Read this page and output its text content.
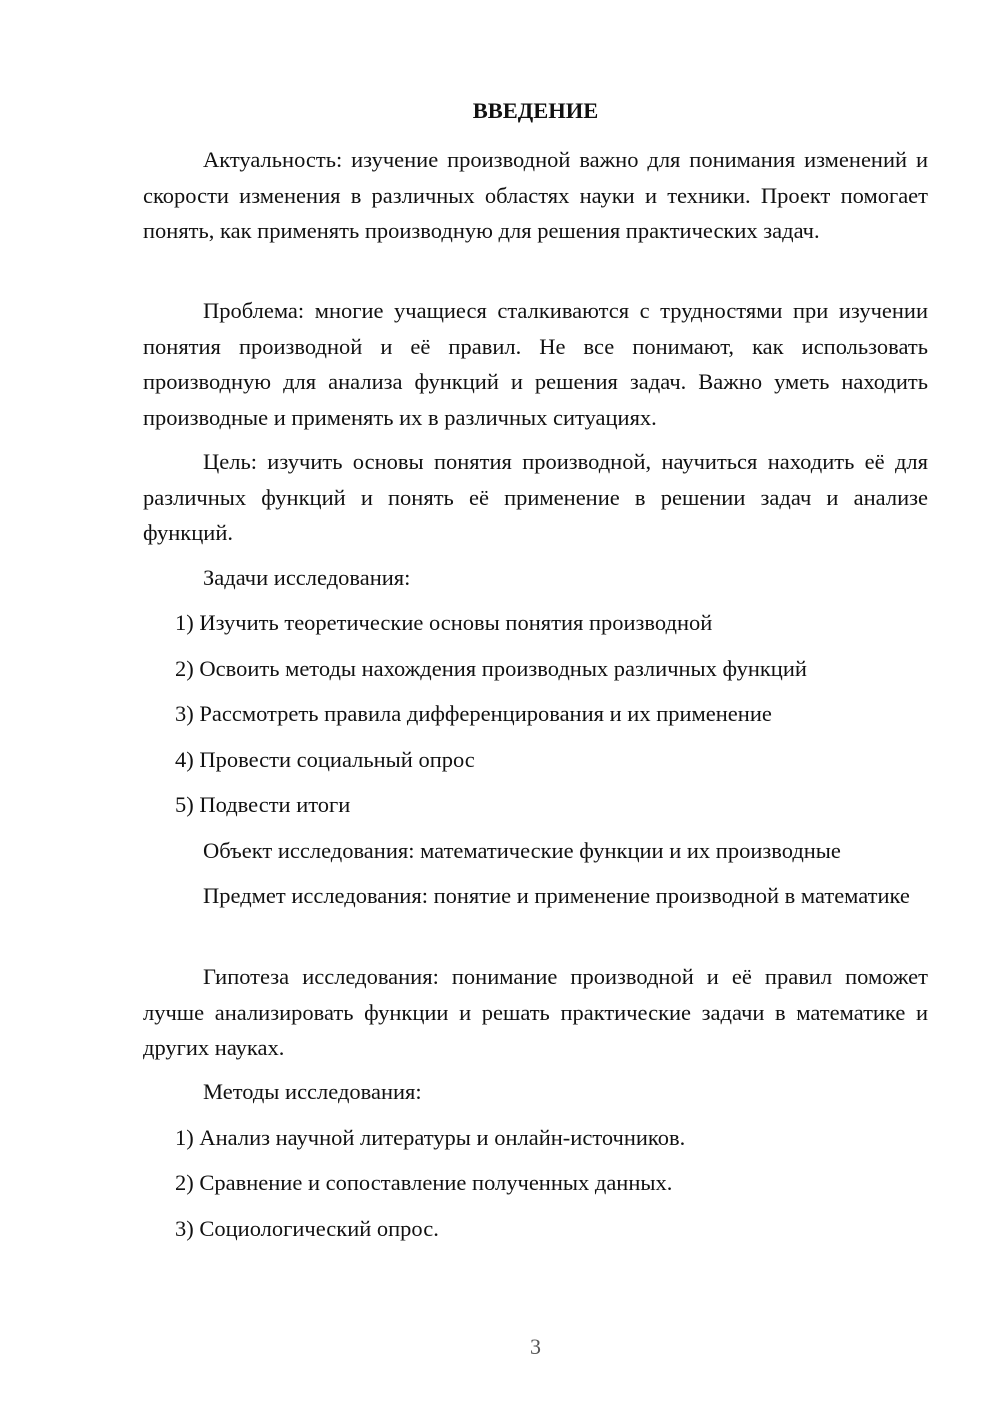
ВВЕДЕНИЕ

Актуальность: изучение производной важно для понимания изменений и скорости изменения в различных областях науки и техники. Проект помогает понять, как применять производную для решения практических задач.

Проблема: многие учащиеся сталкиваются с трудностями при изучении понятия производной и её правил. Не все понимают, как использовать производную для анализа функций и решения задач. Важно уметь находить производные и применять их в различных ситуациях.

Цель: изучить основы понятия производной, научиться находить её для различных функций и понять её применение в решении задач и анализе функций.

Задачи исследования:

1) Изучить теоретические основы понятия производной

2) Освоить методы нахождения производных различных функций

3) Рассмотреть правила дифференцирования и их применение

4) Провести социальный опрос

5) Подвести итоги

Объект исследования: математические функции и их производные

Предмет исследования: понятие и применение производной в математике

Гипотеза исследования: понимание производной и её правил поможет лучше анализировать функции и решать практические задачи в математике и других науках.

Методы исследования:

1) Анализ научной литературы и онлайн-источников.

2) Сравнение и сопоставление полученных данных.

3) Социологический опрос.

3
